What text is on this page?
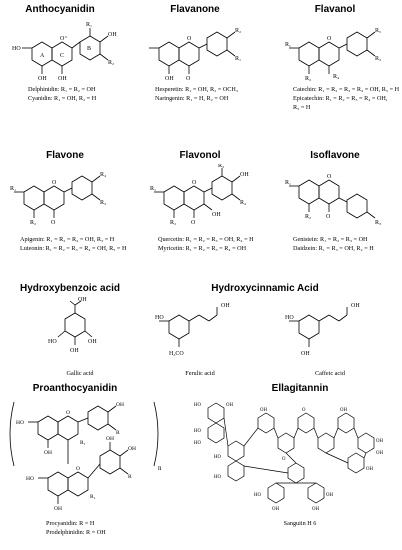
Anthocyanidin	Flavanone	Flavanol
HO
O⁺
A	C
B
R₁
OH
R₂
OH
OH
Delphinidin: R₁ = R₂ = OH
Cyanidin: R₁ = OH, R₂ = H
O
R₂
R₁
O
OH
Hesperetin: R₁ = OH, R₂ = OCH₃
Naringenin: R₁ = H, R₂ = OH
R₁
O
R₅
R₃
R₄
R₂
Catechin: R₁ = R₂ = R₃ = R₄ = OH, R₅ = H
Epicatechin: R₁ = R₂ = R₃ = R₄ = OH,
R₅ = H
Flavone	Flavonol	Isoflavone
R₁
O
R₄
R₃
O
R₂
Apigenin: R₁ = R₂ = R₄ = OH, R₃ = H
Luteonin: R₁ = R₂ = R₃ = R₄ = OH, R₅ = H
R₁
O
R₃
OH
R₄
OH
O
R₂
Quercetin: R₁ = R₂ = R₃ = OH, R₄ = H
Myricetin: R₁ = R₂ = R₃ = R₄ = OH
R₁
O
O
R₂
R₃
Genistein: R₁ = R₂ = R₃ = OH
Daidzein: R₁ = R₃ = OH, R₂ = H
Hydroxybenzoic acid	Hydroxycinnamic Acid
OH
HO	OH
OH
Gallic acid
HO
OH
H₃CO
Ferulic acid
HO
OH
OH
Caffeic acid
Proanthocyanidin	Ellagitannin
HO
O
OH
R
R₁
OH
n
HO
O
OH
R
OH
R₁
OH
Procyanidin: R = H
Prodelphinidin: R = OH
HO	OH
HO
HO
HO
HO
OH	O	OH
OH
OH
OH
O
HO	OH
OH	OH
Sanguiin H 6
